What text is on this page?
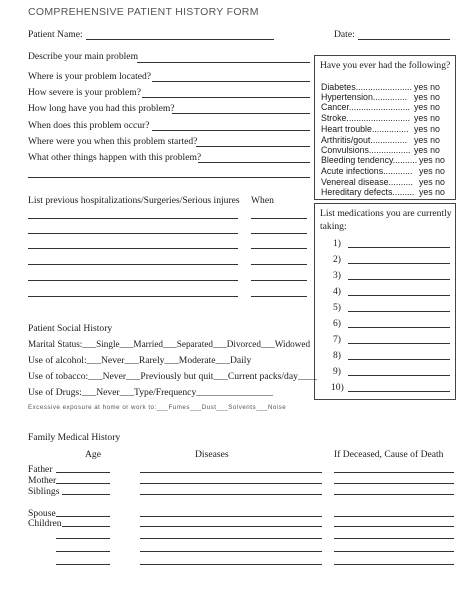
COMPREHENSIVE PATIENT HISTORY FORM
Patient Name:	Date:
Describe your main problem
Where is your problem located?
How severe is your problem?
How long have you had this problem?
When does this problem occur?
Where were you when this problem started?
What other things happen with this problem?
Have you ever had the following?
Diabetes....................... yes no
Hypertension.............. yes no
Cancer......................... yes no
Stroke.......................... yes no
Heart trouble............... yes no
Arthritis/gout............... yes no
Convulsions................. yes no
Bleeding tendency.......... yes no
Acute infections............ yes no
Venereal disease.......... yes no
Hereditary defects......... yes no
List previous hospitalizations/Surgeries/Serious injures When
List medications you are currently
taking:
1)
2)
3)
4)
5)
6)
7)
8)
9)
10)
Patient Social History
Marital Status:___Single___Married___Separated___Divorced___Widowed
Use of alcohol:___Never___Rarely___Moderate___Daily
Use of tobacco:___Never___Previously but quit___Current packs/day____
Use of Drugs:___Never___Type/Frequency________________
Excessive exposure at home or work to:___Fumes___Dust___Solvents___Noise
Family Medical History
Age	Diseases	If Deceased, Cause of Death
Father
Mother
Siblings
Spouse
Children
